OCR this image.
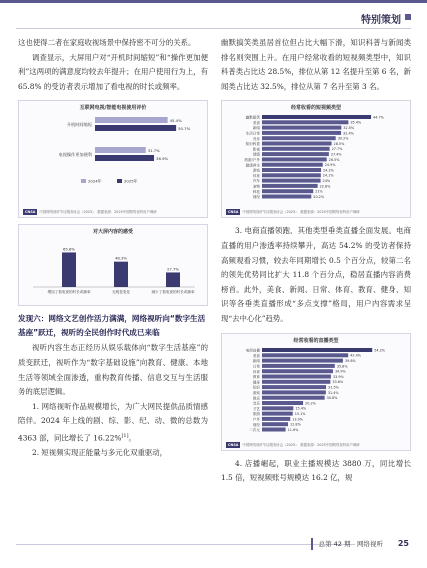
特别策划

这也使得二者在家庭收视场景中保持密不可分的关系。

调查显示，大屏用户对“开机时间缩短”和“操作更加便利”这两项的满意度均较去年提升；在用户使用行为上，有 65.8% 的受访者表示增加了看电视的时长或频率。

互联网电视/智能电视使用评价
开机时间缩短
45.4%
50.7%
电视操作更加便利
31.7%
36.9%
2024年	2025年
CNSA 中国网络视听节目服务协会（2025）　数据来源：2025中国网络视听用户调研
对大屏内容的感受
65.8%
增加了看电视的时长或频率
48.3%
无明显变化
27.7%
减少了看电视的时长或频率
发现六：网络文艺创作活力满满，网络视听向“数字生活基座”跃迁，视听的全民创作时代成已来临

视听内容生态正经历从娱乐载体向“数字生活基座”的质变跃迁，视听作为“数字基础设施”向教育、健康、本地生活等领域全面渗透，重构教育传播、信息交互与生活服务的底层逻辑。

1. 网络视听作品规模增长，为广大网民提供品质情感陪伴。2024 年上线的剧、综、影、纪、动、微的总数为 4363 部，同比增长了 16.22%[1]。

2. 短视频实现正能量与多元化双重驱动，

幽默搞笑类虽居首位但占比大幅下滑，知识科普与新闻类排名则突围上升。在用户经常收看的短视频类型中，知识科普类占比达 28.5%，排位从第 12 名提升至第 6 名，新闻类占比达 32.5%，排位从第 7 名升至第 3 名。

经常收看的短视频类型
幽默搞笑	44.7%
美食	35.4%
新闻	32.5%
生活日常	32.4%
音乐	30.2%
知识科普	28.5%
影视	27.7%
情感	27.4%
旅游/户外	26.5%
健康养生	24.9%
游戏	24.2%
体育	24.1%
汽车	24%
宠物	22.8%
科技	21%
财经	20.2%
CNSA 中国网络视听节目服务协会（2025）　数据来源：2025中国网络视听用户调研

3. 电商直播领跑、其他类型垂类直播全面发展。电商直播的用户渗透率持续攀升，高达 54.2% 的受访者保持高频观看习惯，较去年同期增长 0.5 个百分点，较第二名的领先优势同比扩大 11.8 个百分点，稳居直播内容消费榜首。此外，美食、新闻、日常、体育、教育、健身、知识等各垂类直播形成“多点支撑”格局，用户内容需求呈现“去中心化”趋势。

经常收看的直播类型
电商直播	54.2%
美食	42.4%
新闻	39.8%
日常	35.8%
体育	34.9%
教育	33.9%
健身	33.6%
知识	31.5%
游戏	31.4%
娱乐	30.8%
音乐	20.2%
才艺	15.4%
旅游	15.1%
户外	13.9%
财经	12.8%
二次元	11.6%
CNSA 中国网络视听节目服务协会（2025）　数据来源：2025中国网络视听用户调研

4. 店播崛起，职业主播规模达 3880 万，同比增长 1.5 倍，短视频账号规模达 16.2 亿，规

总第 42 期　 网络视听 25
